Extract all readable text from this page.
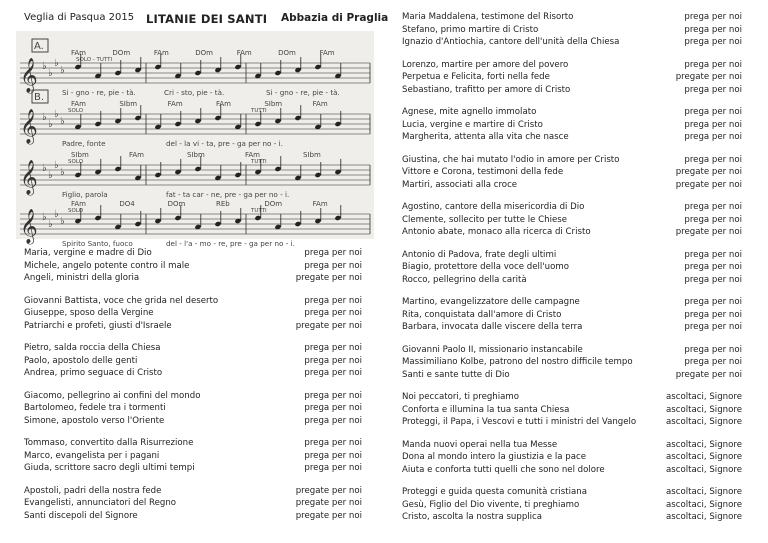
Veglia di Pasqua 2015 LITANIE DEI SANTI Abbazia di Praglia
𝄞 ♭
♭
♭
♭
A.
FAm	DOm	FAm	DOm	FAm	DOm	FAm
SOLO - TUTTI
Si - gno - re, pie - tà.	Cri - sto, pie - tà.	Si - gno - re, pie - tà.
𝄞 ♭
♭
♭
♭
B.
FAm	SIbm	FAm	FAm	SIbm	FAm
SOLO	TUTTI
Padre, fonte	del - la vi - ta, pre - ga per no - i.
𝄞 ♭
♭
♭
♭
SIbm	FAm	SIbm	FAm	SIbm
SOLO	TUTTI
Figlio, parola	fat - ta car - ne, pre - ga per no - i.
𝄞 ♭
♭
♭
♭
FAm	DO4	DOm	REb	DOm	FAm
SOLO	TUTTI
Spirito Santo, fuoco	del - l'a - mo - re, pre - ga per no - i.
Maria, vergine e madre di Dio	prega per noi
Michele, angelo potente contro il male	prega per noi
Angeli, ministri della gloria	pregate per noi
Giovanni Battista, voce che grida nel deserto	prega per noi
Giuseppe, sposo della Vergine	prega per noi
Patriarchi e profeti, giusti d'Israele	pregate per noi
Pietro, salda roccia della Chiesa	prega per noi
Paolo, apostolo delle genti	prega per noi
Andrea, primo seguace di Cristo	prega per noi
Giacomo, pellegrino ai confini del mondo	prega per noi
Bartolomeo, fedele tra i tormenti	prega per noi
Simone, apostolo verso l'Oriente	prega per noi
Tommaso, convertito dalla Risurrezione	prega per noi
Marco, evangelista per i pagani	prega per noi
Giuda, scrittore sacro degli ultimi tempi	prega per noi
Apostoli, padri della nostra fede	pregate per noi
Evangelisti, annunciatori del Regno	pregate per noi
Santi discepoli del Signore	pregate per noi
Maria Maddalena, testimone del Risorto	prega per noi
Stefano, primo martire di Cristo	prega per noi
Ignazio d'Antiochia, cantore dell'unità della Chiesa	prega per noi
Lorenzo, martire per amore del povero	prega per noi
Perpetua e Felicita, forti nella fede	pregate per noi
Sebastiano, trafitto per amore di Cristo	prega per noi
Agnese, mite agnello immolato	prega per noi
Lucia, vergine e martire di Cristo	prega per noi
Margherita, attenta alla vita che nasce	prega per noi
Giustina, che hai mutato l'odio in amore per Cristo	prega per noi
Vittore e Corona, testimoni della fede	pregate per noi
Martiri, associati alla croce	pregate per noi
Agostino, cantore della misericordia di Dio	prega per noi
Clemente, sollecito per tutte le Chiese	prega per noi
Antonio abate, monaco alla ricerca di Cristo	pregate per noi
Antonio di Padova, frate degli ultimi	prega per noi
Biagio, protettore della voce dell'uomo	prega per noi
Rocco, pellegrino della carità	prega per noi
Martino, evangelizzatore delle campagne	prega per noi
Rita, conquistata dall'amore di Cristo	prega per noi
Barbara, invocata dalle viscere della terra	prega per noi
Giovanni Paolo II, missionario instancabile	prega per noi
Massimiliano Kolbe, patrono del nostro difficile tempo	prega per noi
Santi e sante tutte di Dio	pregate per noi
Noi peccatori, ti preghiamo	ascoltaci, Signore
Conforta e illumina la tua santa Chiesa	ascoltaci, Signore
Proteggi, il Papa, i Vescovi e tutti i ministri del Vangelo	ascoltaci, Signore
Manda nuovi operai nella tua Messe	ascoltaci, Signore
Dona al mondo intero la giustizia e la pace	ascoltaci, Signore
Aiuta e conforta tutti quelli che sono nel dolore	ascoltaci, Signore
Proteggi e guida questa comunità cristiana	ascoltaci, Signore
Gesù, Figlio del Dio vivente, ti preghiamo	ascoltaci, Signore
Cristo, ascolta la nostra supplica	ascoltaci, Signore
